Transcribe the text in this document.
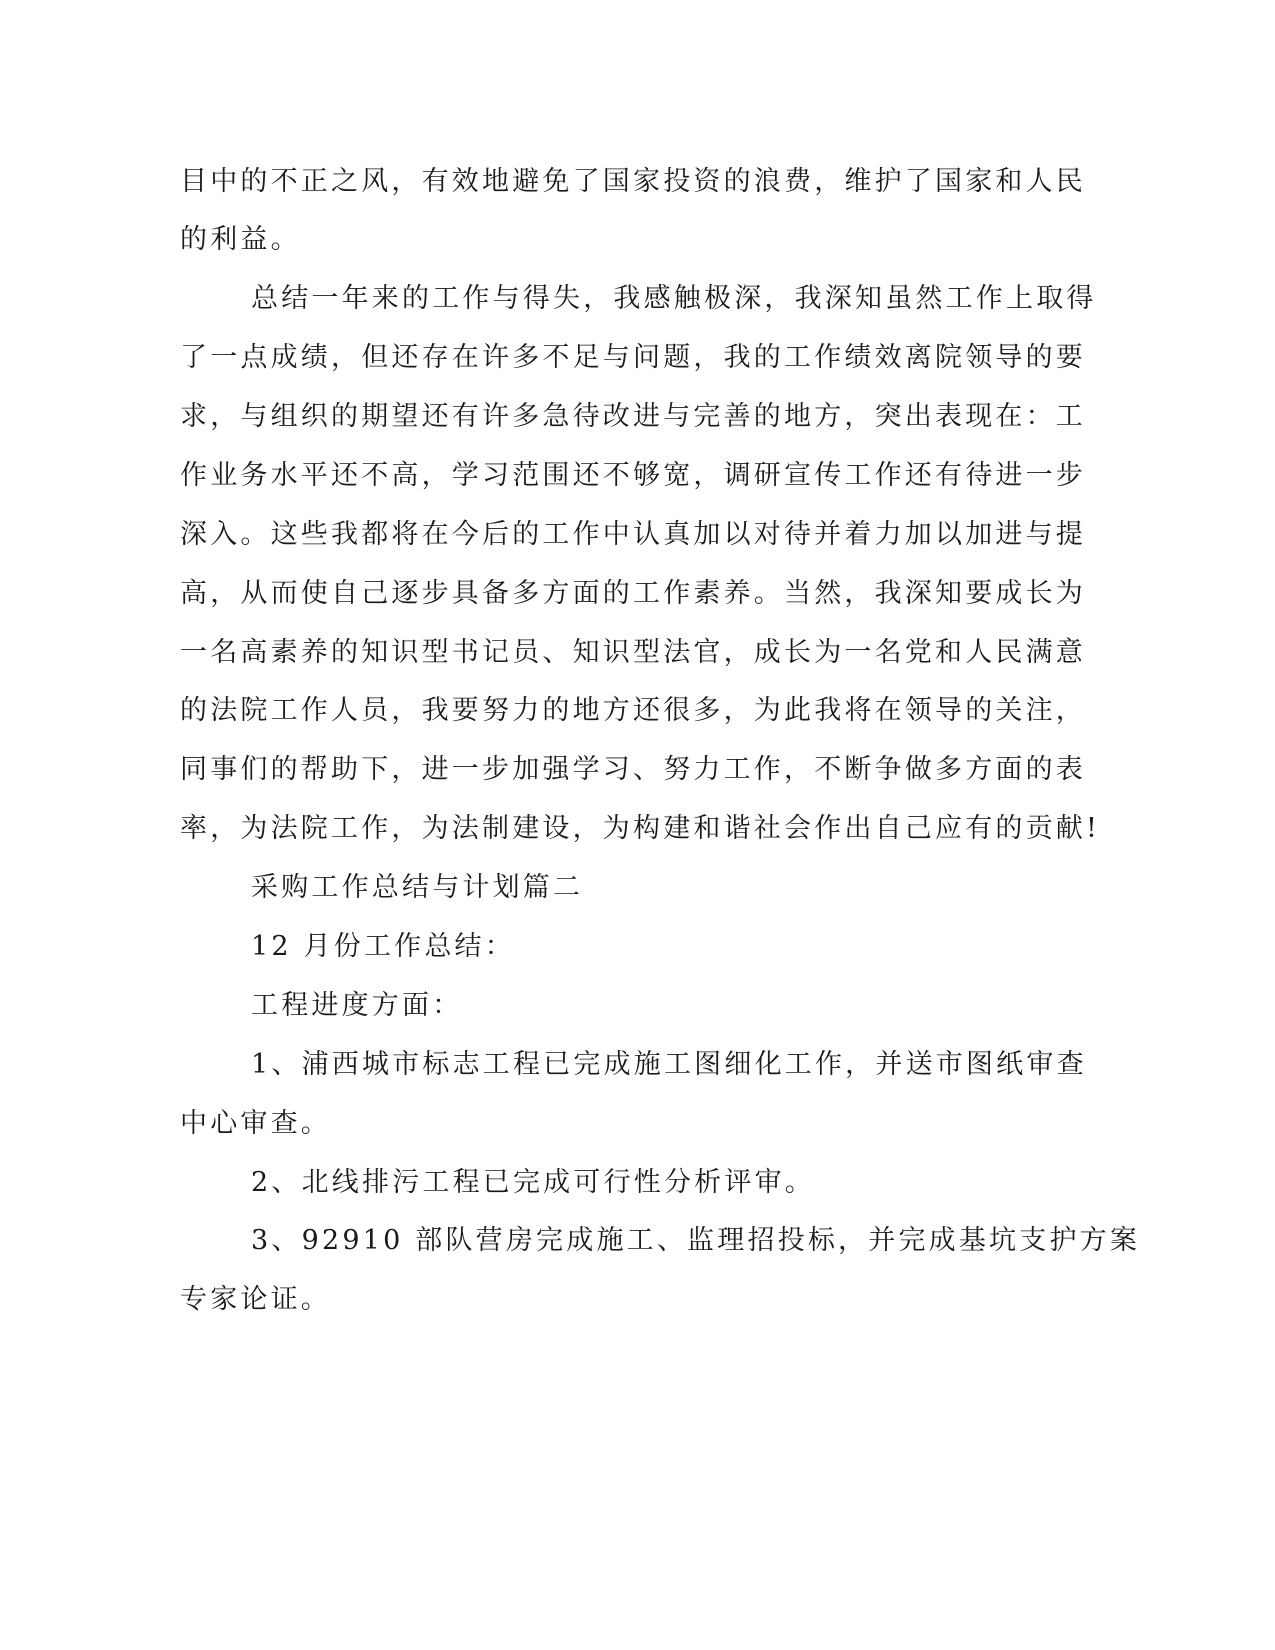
目中的不正之风，有效地避免了国家投资的浪费，维护了国家和人民
的利益。
总结一年来的工作与得失，我感触极深，我深知虽然工作上取得
了一点成绩，但还存在许多不足与问题，我的工作绩效离院领导的要
求，与组织的期望还有许多急待改进与完善的地方，突出表现在：工
作业务水平还不高，学习范围还不够宽，调研宣传工作还有待进一步
深入。这些我都将在今后的工作中认真加以对待并着力加以加进与提
高，从而使自己逐步具备多方面的工作素养。当然，我深知要成长为
一名高素养的知识型书记员、知识型法官，成长为一名党和人民满意
的法院工作人员，我要努力的地方还很多，为此我将在领导的关注，
同事们的帮助下，进一步加强学习、努力工作，不断争做多方面的表
率，为法院工作，为法制建设，为构建和谐社会作出自己应有的贡献!
采购工作总结与计划篇二
12 月份工作总结：
工程进度方面：
1、浦西城市标志工程已完成施工图细化工作，并送市图纸审查
中心审查。
2、北线排污工程已完成可行性分析评审。
3、92910 部队营房完成施工、监理招投标，并完成基坑支护方案
专家论证。
